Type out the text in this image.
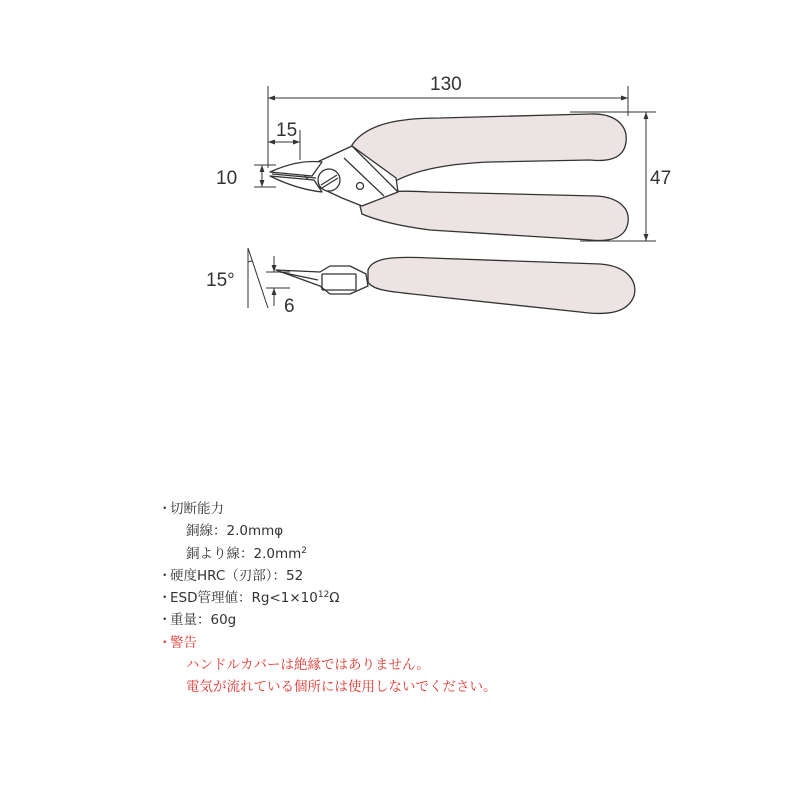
130
15
10	47
15°
6
・切断能力
銅線：2.0mmφ
銅より線：$2.0mm^2$
・硬度HRC（刃部）：52
・ESD管理値：$Rg<1\times 10^{12}\Omega$
・重量：60g
・警告
ハンドルカバーは絶縁ではありません。
電気が流れている個所には使用しないでください。
